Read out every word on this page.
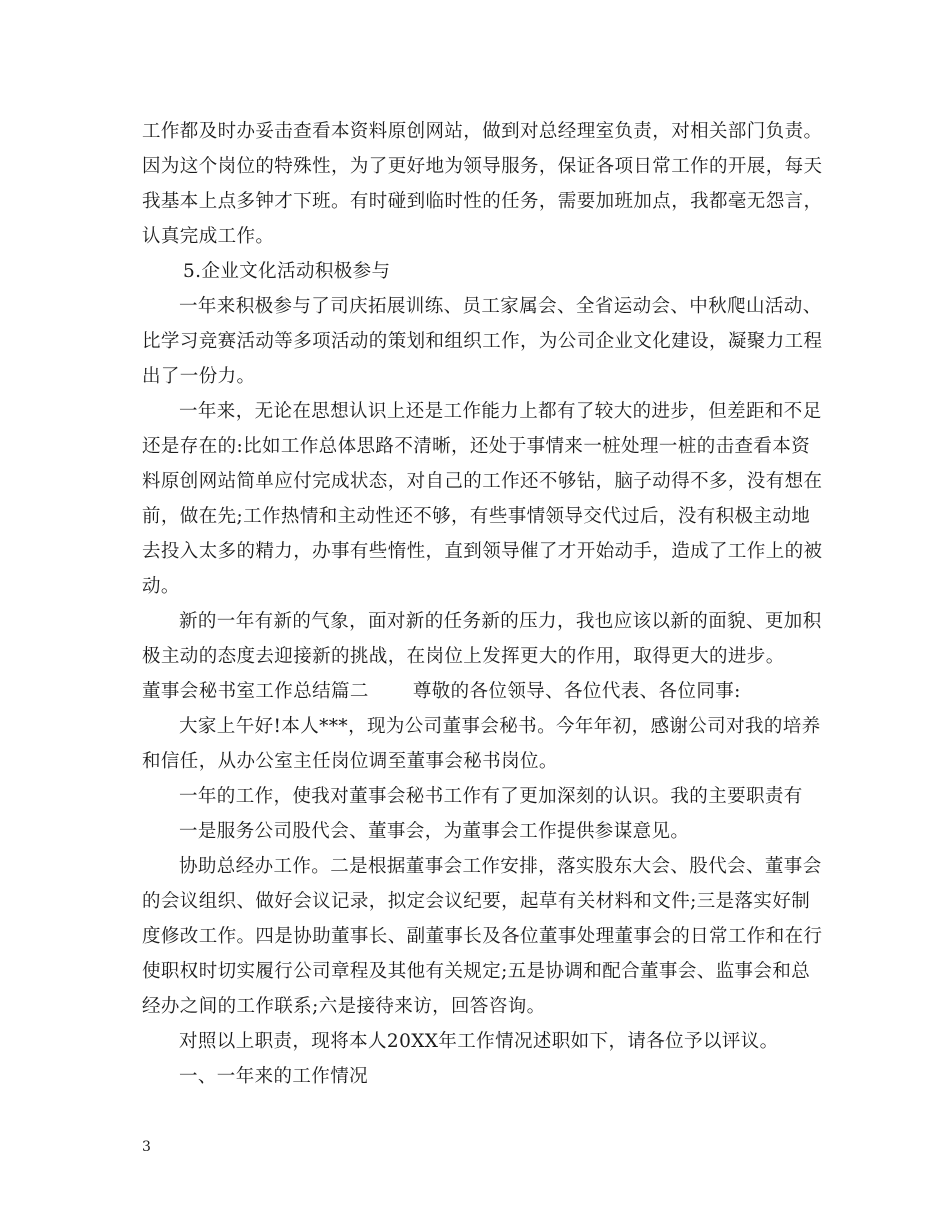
工作都及时办妥击查看本资料原创网站，做到对总经理室负责，对相关部门负责。
因为这个岗位的特殊性，为了更好地为领导服务，保证各项日常工作的开展，每天
我基本上点多钟才下班。有时碰到临时性的任务，需要加班加点，我都毫无怨言，
认真完成工作。
5.企业文化活动积极参与
一年来积极参与了司庆拓展训练、员工家属会、全省运动会、中秋爬山活动、
比学习竞赛活动等多项活动的策划和组织工作，为公司企业文化建设，凝聚力工程
出了一份力。
一年来，无论在思想认识上还是工作能力上都有了较大的进步，但差距和不足
还是存在的:比如工作总体思路不清晰，还处于事情来一桩处理一桩的击查看本资
料原创网站简单应付完成状态，对自己的工作还不够钻，脑子动得不多，没有想在
前，做在先;工作热情和主动性还不够，有些事情领导交代过后，没有积极主动地
去投入太多的精力，办事有些惰性，直到领导催了才开始动手，造成了工作上的被
动。
新的一年有新的气象，面对新的任务新的压力，我也应该以新的面貌、更加积
极主动的态度去迎接新的挑战，在岗位上发挥更大的作用，取得更大的进步。
董事会秘书室工作总结篇二 尊敬的各位领导、各位代表、各位同事:
大家上午好!本人***，现为公司董事会秘书。今年年初，感谢公司对我的培养
和信任，从办公室主任岗位调至董事会秘书岗位。
一年的工作，使我对董事会秘书工作有了更加深刻的认识。我的主要职责有
一是服务公司股代会、董事会，为董事会工作提供参谋意见。
协助总经办工作。二是根据董事会工作安排，落实股东大会、股代会、董事会
的会议组织、做好会议记录，拟定会议纪要，起草有关材料和文件;三是落实好制
度修改工作。四是协助董事长、副董事长及各位董事处理董事会的日常工作和在行
使职权时切实履行公司章程及其他有关规定;五是协调和配合董事会、监事会和总
经办之间的工作联系;六是接待来访，回答咨询。
对照以上职责，现将本人20XX年工作情况述职如下，请各位予以评议。
一、一年来的工作情况
3
